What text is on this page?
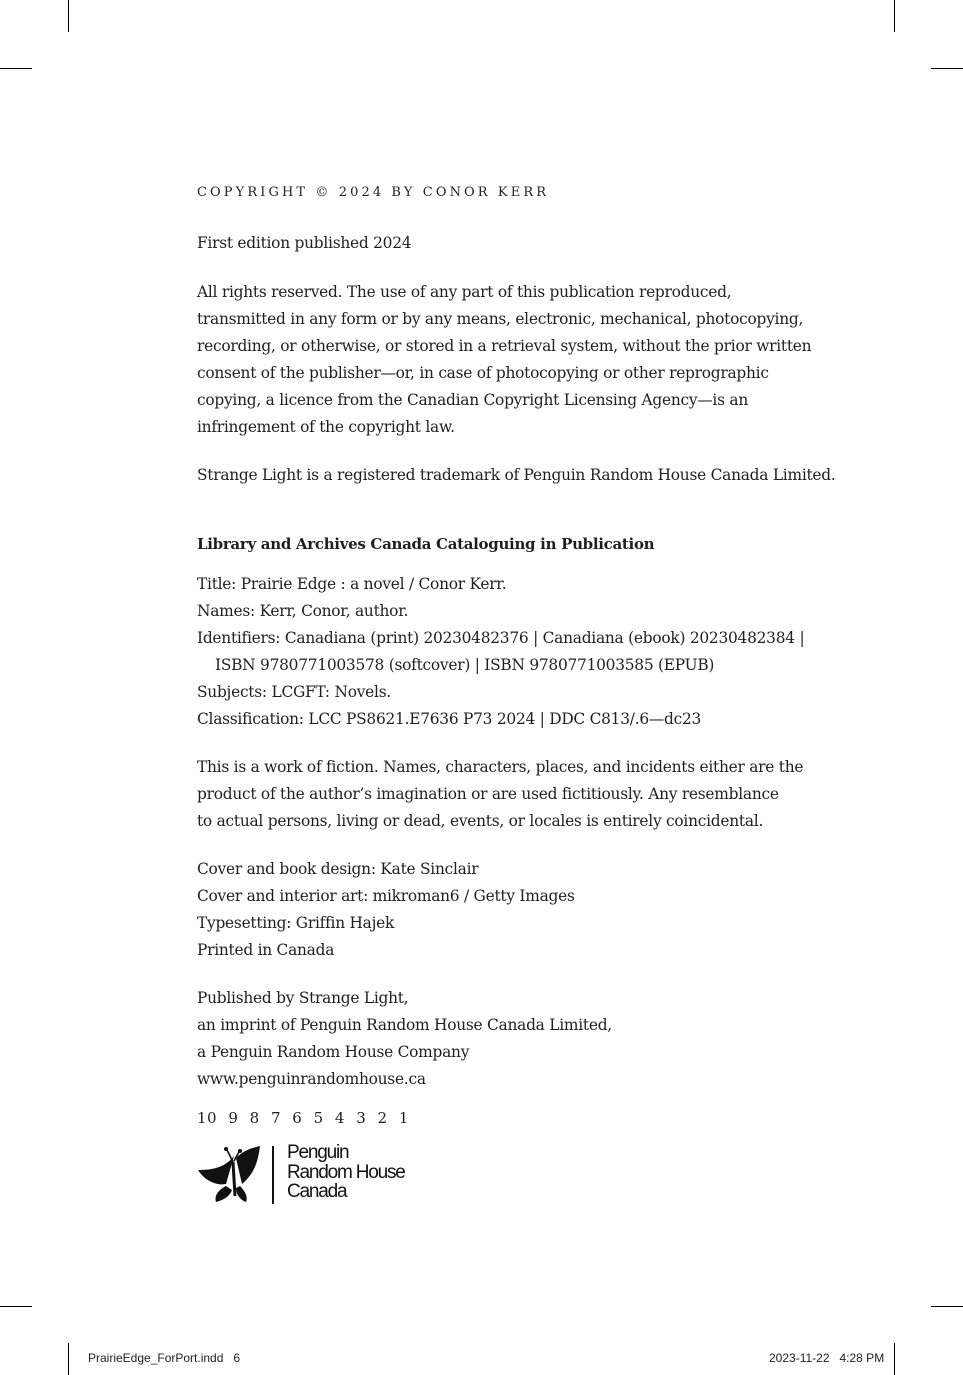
COPYRIGHT © 2024 BY CONOR KERR
First edition published 2024
All rights reserved. The use of any part of this publication reproduced,
transmitted in any form or by any means, electronic, mechanical, photocopying,
recording, or otherwise, or stored in a retrieval system, without the prior written
consent of the publisher—or, in case of photocopying or other reprographic
copying, a licence from the Canadian Copyright Licensing Agency—is an
infringement of the copyright law.
Strange Light is a registered trademark of Penguin Random House Canada Limited.
Library and Archives Canada Cataloguing in Publication
Title: Prairie Edge : a novel / Conor Kerr.
Names: Kerr, Conor, author.
Identifiers: Canadiana (print) 20230482376 | Canadiana (ebook) 20230482384 |
ISBN 9780771003578 (softcover) | ISBN 9780771003585 (EPUB)
Subjects: LCGFT: Novels.
Classification: LCC PS8621.E7636 P73 2024 | DDC C813/.6—dc23
This is a work of fiction. Names, characters, places, and incidents either are the
product of the author’s imagination or are used fictitiously. Any resemblance
to actual persons, living or dead, events, or locales is entirely coincidental.
Cover and book design: Kate Sinclair
Cover and interior art: mikroman6 / Getty Images
Typesetting: Griffin Hajek
Printed in Canada
Published by Strange Light,
an imprint of Penguin Random House Canada Limited,
a Penguin Random House Company
www.penguinrandomhouse.ca
10 9 8 7 6 5 4 3 2 1
Penguin
Random House
Canada
PrairieEdge_ForPort.indd   6	2023-11-22   4:28 PM
